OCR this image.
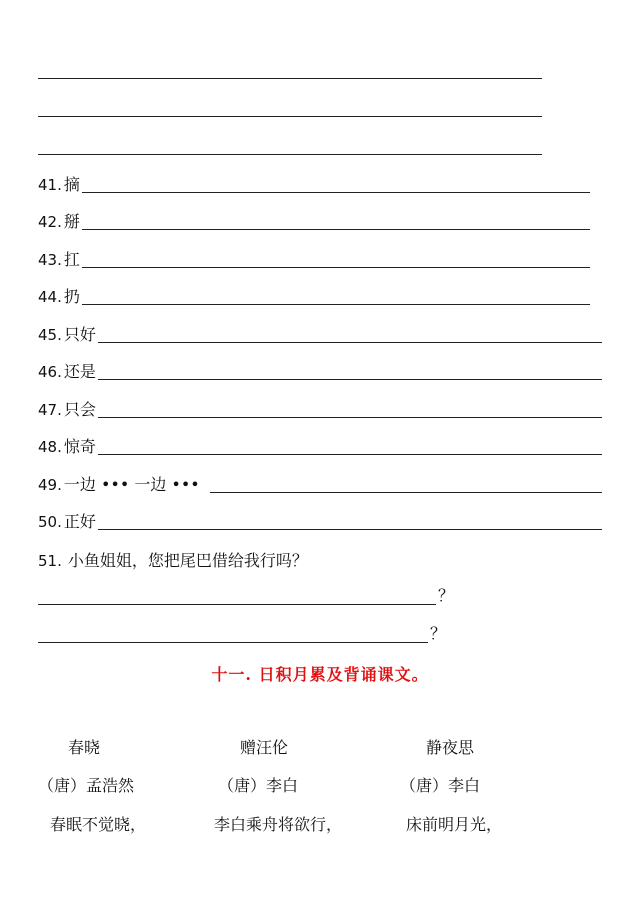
41. 摘
42. 掰
43. 扛
44. 扔
45. 只好
46. 还是
47. 只会
48. 惊奇
49. 一边 ••• 一边 •••
50. 正好
51. 小鱼姐姐，您把尾巴借给我行吗？
？
？
十一. 日积月累及背诵课文。
春晓
（唐）孟浩然
春眠不觉晓，
赠汪伦
（唐）李白
李白乘舟将欲行，
静夜思
（唐）李白
床前明月光，
